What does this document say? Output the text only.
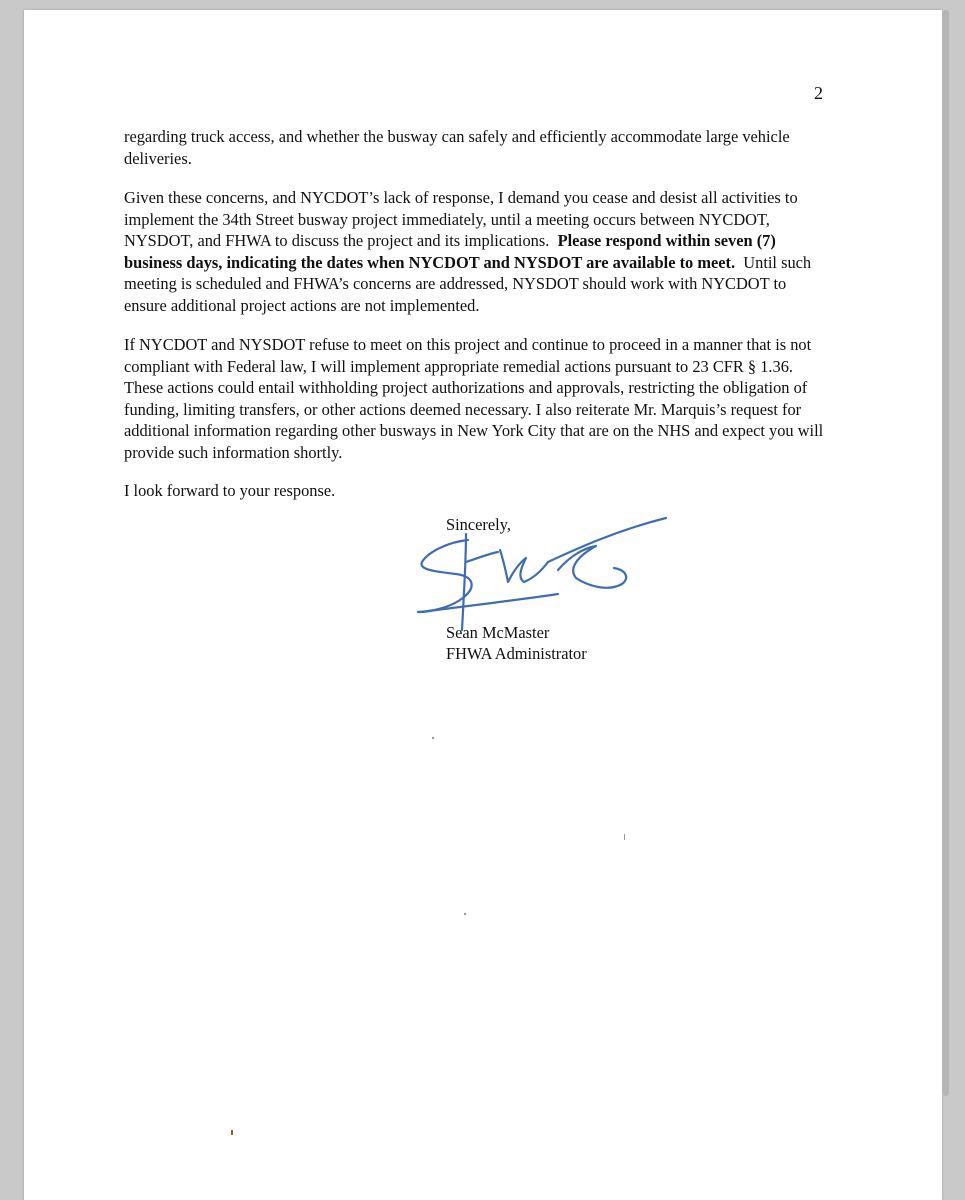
2

regarding truck access, and whether the busway can safely and efficiently accommodate large vehicle deliveries.

Given these concerns, and NYCDOT’s lack of response, I demand you cease and desist all activities to implement the 34th Street busway project immediately, until a meeting occurs between NYCDOT, NYSDOT, and FHWA to discuss the project and its implications. Please respond within seven (7) business days, indicating the dates when NYCDOT and NYSDOT are available to meet. Until such meeting is scheduled and FHWA’s concerns are addressed, NYSDOT should work with NYCDOT to ensure additional project actions are not implemented.

If NYCDOT and NYSDOT refuse to meet on this project and continue to proceed in a manner that is not compliant with Federal law, I will implement appropriate remedial actions pursuant to 23 CFR § 1.36. These actions could entail withholding project authorizations and approvals, restricting the obligation of funding, limiting transfers, or other actions deemed necessary. I also reiterate Mr. Marquis’s request for additional information regarding other busways in New York City that are on the NHS and expect you will provide such information shortly.

I look forward to your response.

Sincerely,
Sean McMaster
FHWA Administrator
